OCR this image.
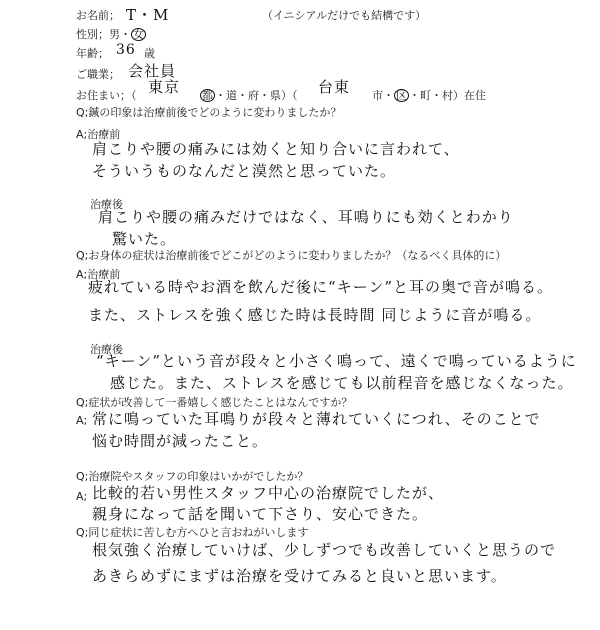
お名前； T・M	（イニシアルだけでも結構です）
性別；男・ 女
年齢； 36 歳
ご職業； 会社員
お住まい；（ 東京 都 ・道・府・県）（ 台東 市・ 区 ・町・村）在住
Q;鍼の印象は治療前後でどのように変わりましたか？
A;治療前
肩こりや腰の痛みには効くと知り合いに言われて、
そういうものなんだと漠然と思っていた。
治療後
肩こりや腰の痛みだけではなく、耳鳴りにも効くとわかり
驚いた。
Q;お身体の症状は治療前後でどこがどのように変わりましたか？（なるべく具体的に）
A;治療前
疲れている時やお酒を飲んだ後に“キーン”と耳の奥で音が鳴る。
また、ストレスを強く感じた時は長時間 同じように音が鳴る。
治療後
“キーン”という音が段々と小さく鳴って、遠くで鳴っているように
感じた。また、ストレスを感じても以前程音を感じなくなった。
Q;症状が改善して一番嬉しく感じたことはなんですか？
A; 常に鳴っていた耳鳴りが段々と薄れていくにつれ、そのことで
悩む時間が減ったこと。
Q;治療院やスタッフの印象はいかがでしたか？
A; 比較的若い男性スタッフ中心の治療院でしたが、
親身になって話を聞いて下さり、安心できた。
Q;同じ症状に苦しむ方へひと言おねがいします
根気強く治療していけば、少しずつでも改善していくと思うので
あきらめずにまずは治療を受けてみると良いと思います。
